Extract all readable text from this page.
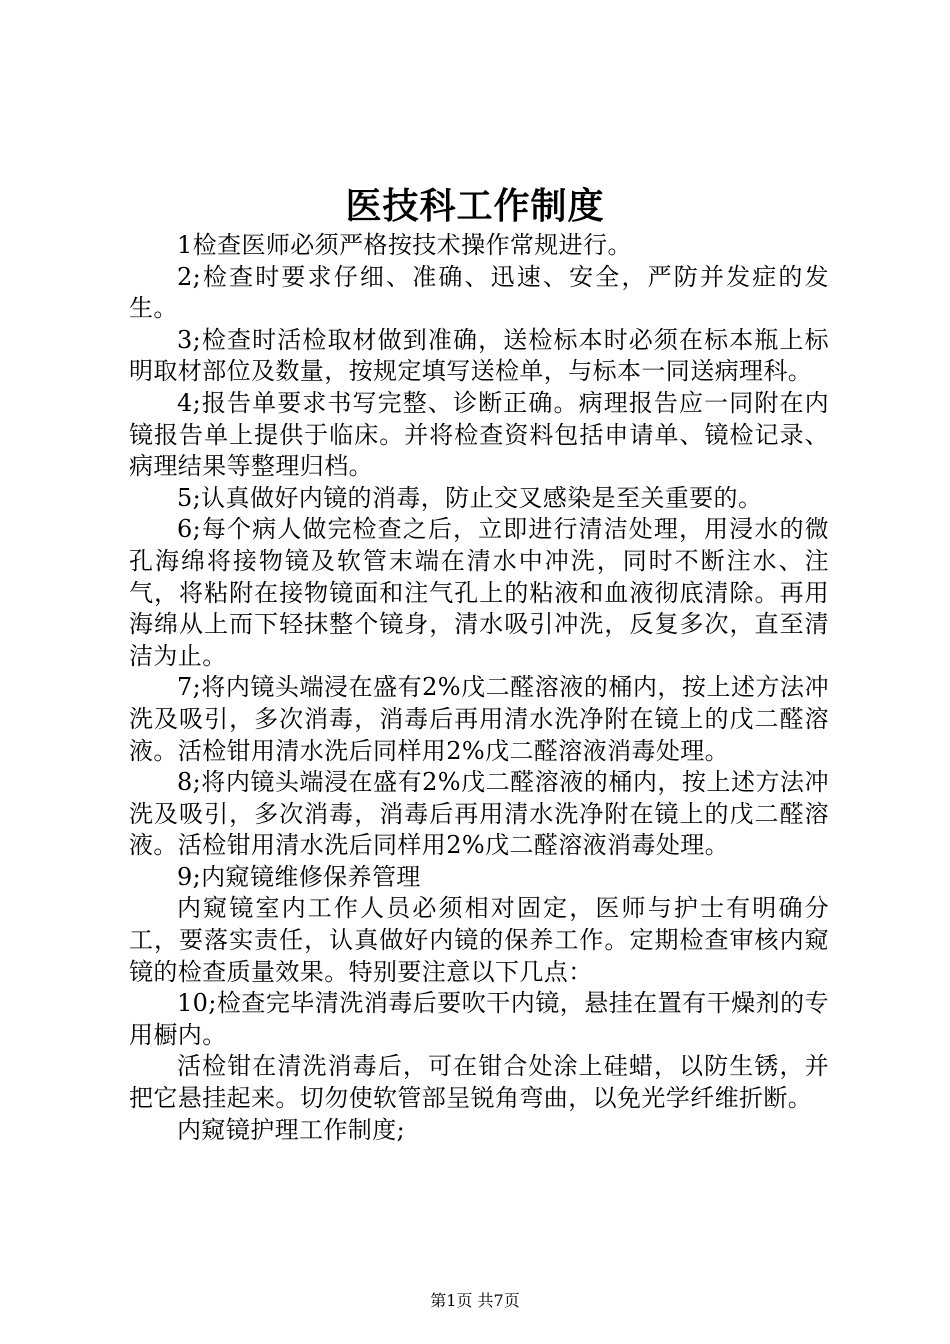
医技科工作制度

1检查医师必须严格按技术操作常规进行。

2;检查时要求仔细、准确、迅速、安全，严防并发症的发生。

3;检查时活检取材做到准确，送检标本时必须在标本瓶上标明取材部位及数量，按规定填写送检单，与标本一同送病理科。

4;报告单要求书写完整、诊断正确。病理报告应一同附在内镜报告单上提供于临床。并将检查资料包括申请单、镜检记录、病理结果等整理归档。

5;认真做好内镜的消毒，防止交叉感染是至关重要的。

6;每个病人做完检查之后，立即进行清洁处理，用浸水的微孔海绵将接物镜及软管末端在清水中冲洗，同时不断注水、注气，将粘附在接物镜面和注气孔上的粘液和血液彻底清除。再用海绵从上而下轻抹整个镜身，清水吸引冲洗，反复多次，直至清洁为止。

7;将内镜头端浸在盛有2%戊二醛溶液的桶内，按上述方法冲洗及吸引，多次消毒，消毒后再用清水洗净附在镜上的戊二醛溶液。活检钳用清水洗后同样用2%戊二醛溶液消毒处理。

8;将内镜头端浸在盛有2%戊二醛溶液的桶内，按上述方法冲洗及吸引，多次消毒，消毒后再用清水洗净附在镜上的戊二醛溶液。活检钳用清水洗后同样用2%戊二醛溶液消毒处理。

9;内窥镜维修保养管理

内窥镜室内工作人员必须相对固定，医师与护士有明确分工，要落实责任，认真做好内镜的保养工作。定期检查审核内窥镜的检查质量效果。特别要注意以下几点：

10;检查完毕清洗消毒后要吹干内镜，悬挂在置有干燥剂的专用橱内。

活检钳在清洗消毒后，可在钳合处涂上硅蜡，以防生锈，并把它悬挂起来。切勿使软管部呈锐角弯曲，以免光学纤维折断。

内窥镜护理工作制度;

第1页 共7页
